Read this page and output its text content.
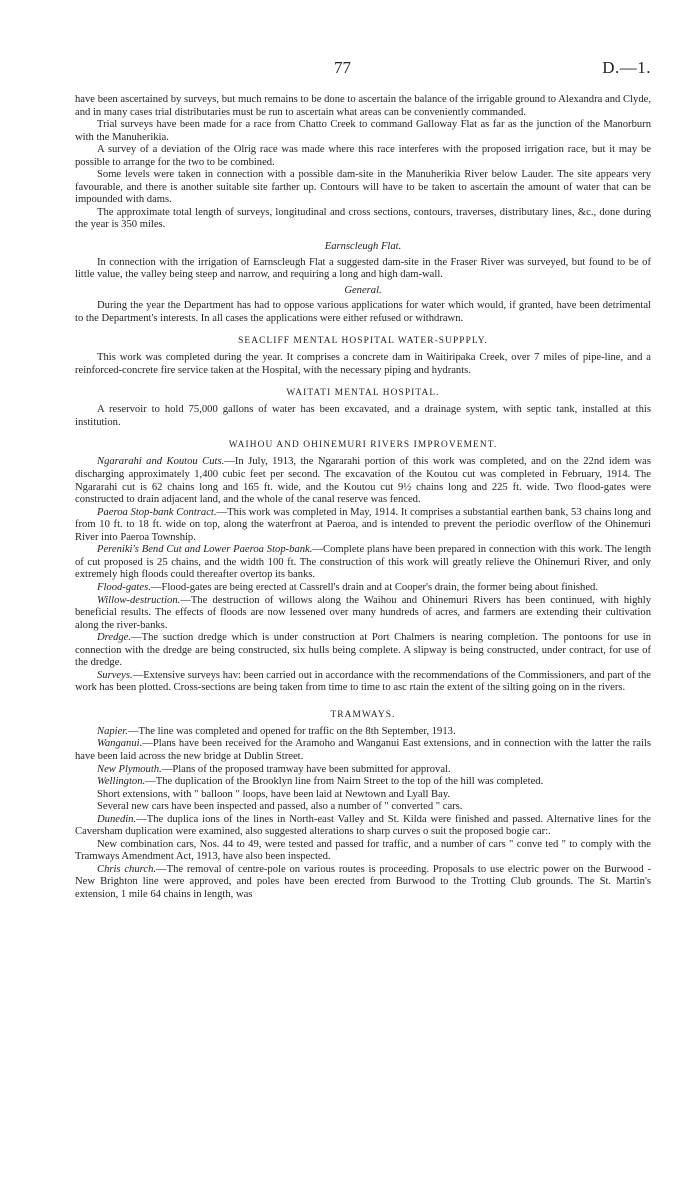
77	D.—1.

have been ascertained by surveys, but much remains to be done to ascertain the balance of the irrigable ground to Alexandra and Clyde, and in many cases trial distributaries must be run to ascertain what areas can be conveniently commanded.

Trial surveys have been made for a race from Chatto Creek to command Galloway Flat as far as the junction of the Manorburn with the Manuherikia.

A survey of a deviation of the Olrig race was made where this race interferes with the proposed irrigation race, but it may be possible to arrange for the two to be combined.

Some levels were taken in connection with a possible dam-site in the Manuherikia River below Lauder. The site appears very favourable, and there is another suitable site farther up. Contours will have to be taken to ascertain the amount of water that can be impounded with dams.

The approximate total length of surveys, longitudinal and cross sections, contours, traverses, distributary lines, &c., done during the year is 350 miles.

Earnscleugh Flat.

In connection with the irrigation of Earnscleugh Flat a suggested dam-site in the Fraser River was surveyed, but found to be of little value, the valley being steep and narrow, and requiring a long and high dam-wall.

General.

During the year the Department has had to oppose various applications for water which would, if granted, have been detrimental to the Department's interests. In all cases the applications were either refused or withdrawn.

SEACLIFF MENTAL HOSPITAL WATER-SUPPPLY.

This work was completed during the year. It comprises a concrete dam in Waitiripaka Creek, over 7 miles of pipe-line, and a reinforced-concrete fire service taken at the Hospital, with the necessary piping and hydrants.

WAITATI MENTAL HOSPITAL.

A reservoir to hold 75,000 gallons of water has been excavated, and a drainage system, with septic tank, installed at this institution.

WAIHOU AND OHINEMURI RIVERS IMPROVEMENT.

Ngararahi and Koutou Cuts.—In July, 1913, the Ngararahi portion of this work was completed, and on the 22nd idem was discharging approximately 1,400 cubic feet per second. The excavation of the Koutou cut was completed in February, 1914. The Ngararahi cut is 62 chains long and 165 ft. wide, and the Koutou cut 9½ chains long and 225 ft. wide. Two flood-gates were constructed to drain adjacent land, and the whole of the canal reserve was fenced.

Paeroa Stop-bank Contract.—This work was completed in May, 1914. It comprises a substantial earthen bank, 53 chains long and from 10 ft. to 18 ft. wide on top, along the waterfront at Paeroa, and is intended to prevent the periodic overflow of the Ohinemuri River into Paeroa Township.

Pereniki's Bend Cut and Lower Paeroa Stop-bank.—Complete plans have been prepared in connection with this work. The length of cut proposed is 25 chains, and the width 100 ft. The construction of this work will greatly relieve the Ohinemuri River, and only extremely high floods could thereafter overtop its banks.

Flood-gates.—Flood-gates are being erected at Cassrell's drain and at Cooper's drain, the former being about finished.

Willow-destruction.—The destruction of willows along the Waihou and Ohinemuri Rivers has been continued, with highly beneficial results. The effects of floods are now lessened over many hundreds of acres, and farmers are extending their cultivation along the river-banks.

Dredge.—The suction dredge which is under construction at Port Chalmers is nearing completion. The pontoons for use in connection with the dredge are being constructed, six hulls being complete. A slipway is being constructed, under contract, for use of the dredge.

Surveys.—Extensive surveys hav: been carried out in accordance with the recommendations of the Commissioners, and part of the work has been plotted. Cross-sections are being taken from time to time to asc rtain the extent of the silting going on in the rivers.

TRAMWAYS.

Napier.—The line was completed and opened for traffic on the 8th September, 1913.

Wanganui.—Plans have been received for the Aramoho and Wanganui East extensions, and in connection with the latter the rails have been laid across the new bridge at Dublin Street.

New Plymouth.—Plans of the proposed tramway have been submitted for approval.

Wellington.—The duplication of the Brooklyn line from Nairn Street to the top of the hill was completed.

Short extensions, with " balloon " loops, have been laid at Newtown and Lyall Bay.

Several new cars have been inspected and passed, also a number of " converted " cars.

Dunedin.—The duplica ions of the lines in North-east Valley and St. Kilda were finished and passed. Alternative lines for the Caversham duplication were examined, also suggested alterations to sharp curves o suit the proposed bogie car:.

New combination cars, Nos. 44 to 49, were tested and passed for traffic, and a number of cars " conve ted " to comply with the Tramways Amendment Act, 1913, have also been inspected.

Chris church.—The removal of centre-pole on various routes is proceeding. Proposals to use electric power on the Burwood - New Brighton line were approved, and poles have been erected from Burwood to the Trotting Club grounds. The St. Martin's extension, 1 mile 64 chains in length, was
